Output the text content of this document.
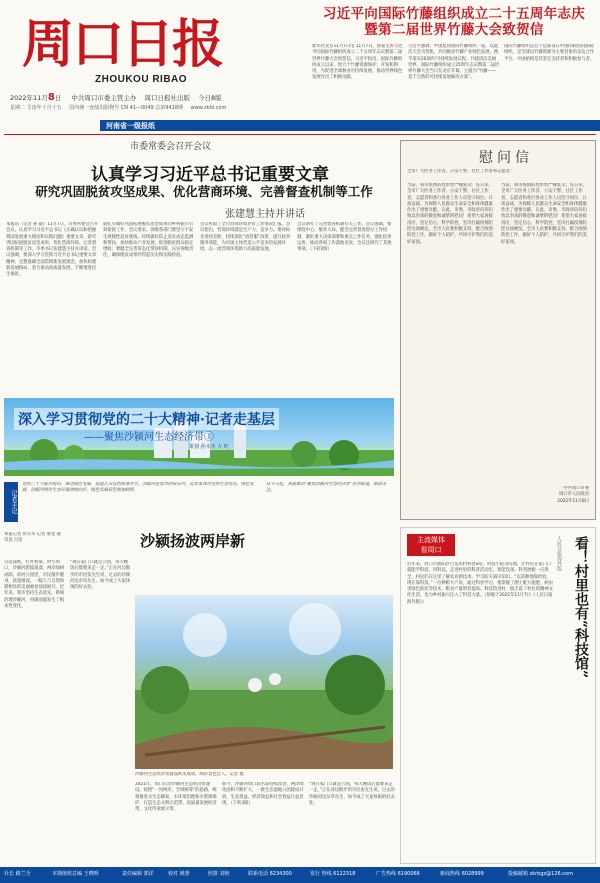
周口日报
ZHOUKOU RIBAO
2022年11月8日 中共周口市委主管主办 周口日报社出版 今日8版
星期二 壬寅年十月十五 国内统一连续出版物号 CN 41—0049 总第9418期 www.zkld.com
河南省一级报纸
习近平向国际竹藤组织成立二十五周年志庆
暨第二届世界竹藤大会致贺信
新华社北京11月7日电 11月7日，国家主席习近平向国际竹藤组织成立二十五周年志庆暨第二届世界竹藤大会致贺信。习近平指出，国际竹藤组织成立以来，致力于竹藤资源保护、开发和利用，为促进全球林业可持续发展、推动世界绿色发展作出了积极贡献。
习近平强调，中国愿同国际竹藤组织一道，以此次大会为契机，共同推动竹藤产业绿色发展，携手落实2030年可持续发展议程，共建清洁美丽世界。国际竹藤组织成立25周年志庆暨第二届世界竹藤大会当日在北京开幕，主题为“竹藤——基于自然的可持续发展解决方案”。
国际竹藤组织是首个总部设在中国的政府间国际组织，是全球以竹藤资源为主要对象的多边合作平台。中国始终是其坚定支持者和积极参与者。
市委常委会召开会议
认真学习习近平总书记重要文章
研究巩固脱贫攻坚成果、优化营商环境、完善督查机制等工作
张建慧主持并讲话
本报讯（记者 孙 毅）11月7日，市委常委会召开会议，认真学习习近平总书记《正确认识和把握我国发展重大理论和实践问题》重要文章，研究巩固拓展脱贫攻坚成果、优化营商环境、完善督查机制等工作。市委书记张建慧主持并讲话。会议强调，要深入学习贯彻习近平总书记重要文章精神，完整准确全面贯彻新发展理念，加快构建新发展格局，着力推动高质量发展，不断增进民生福祉。
就扎实做好巩固拓展脱贫攻坚成果同乡村振兴有效衔接工作，会议要求，各级各部门要坚守不发生规模性返贫底线，持续做好防止返贫动态监测和帮扶，加快推动产业发展，促进脱贫群众稳定增收；要健全完善常态化帮扶机制，压实各级责任，确保脱贫成果经得起历史和实践检验。
会议听取了全市营商环境评价工作情况汇报。会议指出，营商环境就是生产力、竞争力。要对标先进找差距，持续深化“放管服”改革，提升政务服务效能，为市场主体营造公平竞争的发展环境，以一流营商环境助力高质量发展。
会议研究了完善督查机制有关工作。会议强调，要围绕中心、服务大局，健全完善督查督办工作机制，紧盯重大决策部署和重点工作任务，强化结果运用，推动各项工作落地见效。会议还研究了其他事项。（下转2版）
慰问信
全市广大医务工作者、公安干警、社区工作者和志愿者：
当前，我市疫情防控形势严峻复杂。连日来，全市广大医务工作者、公安干警、社区工作者、志愿者和各行各业工作人员坚守岗位、日夜奋战，为保障人民群众生命安全和身体健康作出了重要贡献。在此，市委、市政府向你们致以崇高的敬意和诚挚的慰问！希望大家再接再厉，坚定信心，科学防控，坚决打赢疫情防控这场硬仗。全市人民要积极支持、配合疫情防控工作，做好个人防护，共同守护我们的美好家园。
当前，我市疫情防控形势严峻复杂。连日来，全市广大医务工作者、公安干警、社区工作者、志愿者和各行各业工作人员坚守岗位、日夜奋战，为保障人民群众生命安全和身体健康作出了重要贡献。在此，市委、市政府向你们致以崇高的敬意和诚挚的慰问！希望大家再接再厉，坚定信心，科学防控，坚决打赢疫情防控这场硬仗。全市人民要积极支持、配合疫情防控工作，做好个人防护，共同守护我们的美好家园。
中共周口市委
周口市人民政府
2022年11月8日
深入学习贯彻党的二十大精神·记者走基层
——聚焦沙颍河生态经济带①
策划 孙本杰 大 旺
记者手记
党的二十大报告指出，推动绿色发展，促进人与自然和谐共生。沙颍河是我市的母亲河，近年来我市坚持生态优先、绿色发展，沙颍河两岸生态环境持续向好，绿色发展底色更加鲜明。
从今天起，本报推出“聚焦沙颍河生态经济带”系列报道，敬请关注。
沙颍扬波两岸新
本报记者 彭庆华 记者 梁龙 通讯员 吕苗
日前深秋，红叶初染，时至周口，沙颍河碧波荡漾，两岸绿树成荫。滨河公园里，市民散步健身，孩童嬉戏，一幅人与自然和谐相处的美丽画卷徐徐展开。近年来，我市坚持生态优先，系统治理沙颍河，河湖面貌发生了根本性变化。
“现在家门口就是公园，每天晚饭后都要来走一走。”正在河边散步的市民张先生说，过去的沙颍河边杂草丛生，如今成了大家休闲的好去处。
沙颍河生态经济带建设初见成效，两岸景色宜人。记者 摄
2021年，周口启动沙颍河生态经济带建设，按照“一河两岸、全域统筹”的思路，统筹推进水生态修复、水环境治理和水资源保护，打造生态文明示范带、高质量发展经济带、文化传承展示带。
如今，沙颍河周口段水质持续改善，两岸绿化面积不断扩大，一批生态湿地公园建成开放，生态效益、经济效益和社会效益日益显现。（下转3版）
“现在家门口就是公园，每天晚饭后都要来走一走。”正在河边散步的市民张先生说，过去的沙颍河边杂草丛生，如今成了大家休闲的好去处。
主流媒体
看周口	看！村里也有“科技馆”
人民日报海外版
近年来，周口市淮阳区打造农村科普e站、科技小院等阵地，让村民在家门口就能学科技、用科技。走进村里的科普活动室，智能设备、科普展板一应俱全，村民们在这里了解农业新技术、学习防灾减灾知识。“以前种地靠经验，现在靠科技。”一位种粮大户说，通过科普学习，他掌握了测土配方施肥、病虫害绿色防控等技术，粮食产量明显提高。科技馆进村，既丰富了村民的精神文化生活，也为乡村振兴注入了科技力量。（原载于2022年11月7日《人民日报海外版》）
社长 路兰全	本期值班总编 王晓辉	责任编辑 郭洋	校对 姚蕾	照排 刘艳	联系电话 8234300	发行 热线 6122318	广告热线 6190066	新闻热线 6028999	投稿邮箱 zkrbgz@126.com
